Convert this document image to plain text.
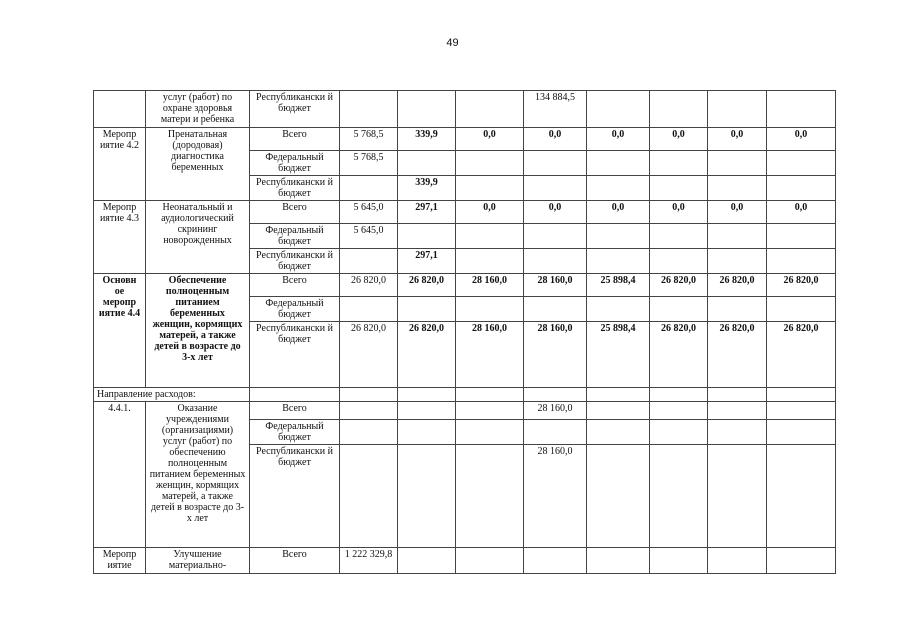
49
	услуг (работ) по охране здоровья матери и ребенка	Республикански й бюджет				134 884,5				
Меропр иятие 4.2	Пренатальная (дородовая) диагностика беременных	Всего	5 768,5	339,9	0,0	0,0	0,0	0,0	0,0	0,0
		Федеральный бюджет	5 768,5							
		Республикански й бюджет		339,9						
Меропр иятие 4.3	Неонатальный и аудиологический скрининг новорожденных	Всего	5 645,0	297,1	0,0	0,0	0,0	0,0	0,0	0,0
		Федеральный бюджет	5 645,0							
		Республикански й бюджет		297,1						
Основн ое меропр иятие 4.4	Обеспечение полноценным питанием беременных женщин, кормящих матерей, а также детей в возрасте до 3-х лет	Всего	26 820,0	26 820,0	28 160,0	28 160,0	25 898,4	26 820,0	26 820,0	26 820,0
		Федеральный бюджет								
		Республикански й бюджет	26 820,0	26 820,0	28 160,0	28 160,0	25 898,4	26 820,0	26 820,0	26 820,0
Направление расходов:										
4.4.1.	Оказание учреждениями (организациями) услуг (работ) по обеспечению полноценным питанием беременных женщин, кормящих матерей, а также детей в возрасте до 3-х лет	Всего				28 160,0				
		Федеральный бюджет								
		Республикански й бюджет				28 160,0				
Меропр иятие	Улучшение материально-	Всего	1 222 329,8							
